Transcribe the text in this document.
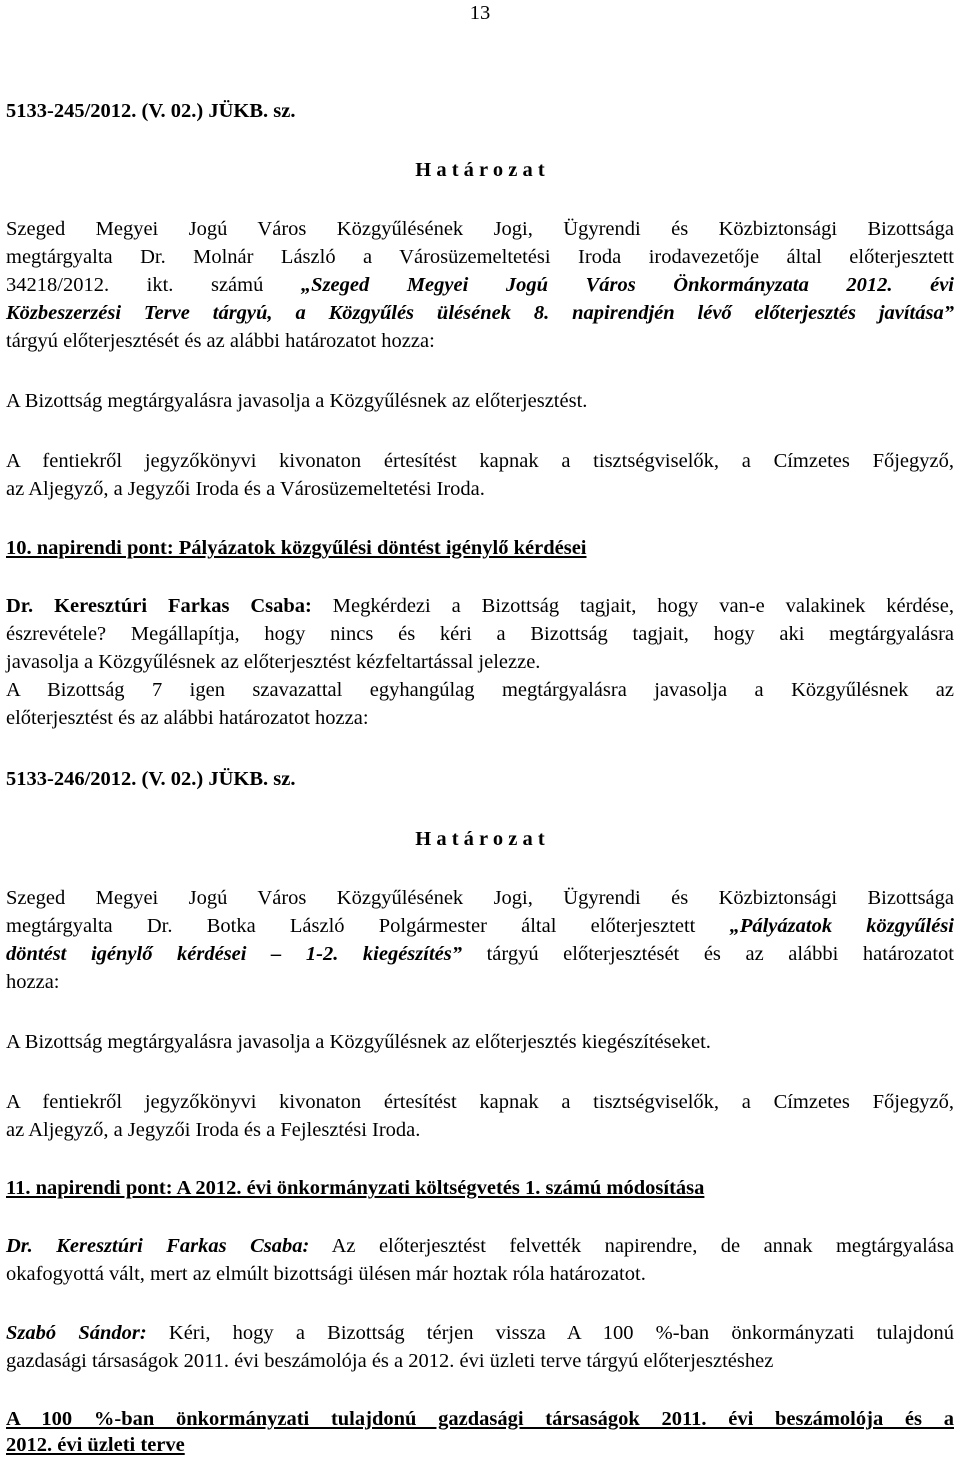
13
5133-245/2012. (V. 02.) JÜKB. sz.
H a t á r o z a t
Szeged Megyei Jogú Város Közgyűlésének Jogi, Ügyrendi és Közbiztonsági Bizottsága
megtárgyalta Dr. Molnár László a Városüzemeltetési Iroda irodavezetője által előterjesztett
34218/2012. ikt. számú „Szeged Megyei Jogú Város Önkormányzata 2012. évi
Közbeszerzési Terve tárgyú, a Közgyűlés ülésének 8. napirendjén lévő előterjesztés javítása”
tárgyú előterjesztését és az alábbi határozatot hozza:
A Bizottság megtárgyalásra javasolja a Közgyűlésnek az előterjesztést.
A fentiekről jegyzőkönyvi kivonaton értesítést kapnak a tisztségviselők, a Címzetes Főjegyző,
az Aljegyző, a Jegyzői Iroda és a Városüzemeltetési Iroda.
10. napirendi pont: Pályázatok közgyűlési döntést igénylő kérdései
Dr. Keresztúri Farkas Csaba: Megkérdezi a Bizottság tagjait, hogy van-e valakinek kérdése,
észrevétele? Megállapítja, hogy nincs és kéri a Bizottság tagjait, hogy aki megtárgyalásra
javasolja a Közgyűlésnek az előterjesztést kézfeltartással jelezze.
A Bizottság 7 igen szavazattal egyhangúlag megtárgyalásra javasolja a Közgyűlésnek az
előterjesztést és az alábbi határozatot hozza:
5133-246/2012. (V. 02.) JÜKB. sz.
H a t á r o z a t
Szeged Megyei Jogú Város Közgyűlésének Jogi, Ügyrendi és Közbiztonsági Bizottsága
megtárgyalta Dr. Botka László Polgármester által előterjesztett „Pályázatok közgyűlési
döntést igénylő kérdései – 1-2. kiegészítés” tárgyú előterjesztését és az alábbi határozatot
hozza:
A Bizottság megtárgyalásra javasolja a Közgyűlésnek az előterjesztés kiegészítéseket.
A fentiekről jegyzőkönyvi kivonaton értesítést kapnak a tisztségviselők, a Címzetes Főjegyző,
az Aljegyző, a Jegyzői Iroda és a Fejlesztési Iroda.
11. napirendi pont: A 2012. évi önkormányzati költségvetés 1. számú módosítása
Dr. Keresztúri Farkas Csaba: Az előterjesztést felvették napirendre, de annak megtárgyalása
okafogyottá vált, mert az elmúlt bizottsági ülésen már hoztak róla határozatot.
Szabó Sándor: Kéri, hogy a Bizottság térjen vissza A 100 %-ban önkormányzati tulajdonú
gazdasági társaságok 2011. évi beszámolója és a 2012. évi üzleti terve tárgyú előterjesztéshez
A 100 %-ban önkormányzati tulajdonú gazdasági társaságok 2011. évi beszámolója és a
2012. évi üzleti terve
